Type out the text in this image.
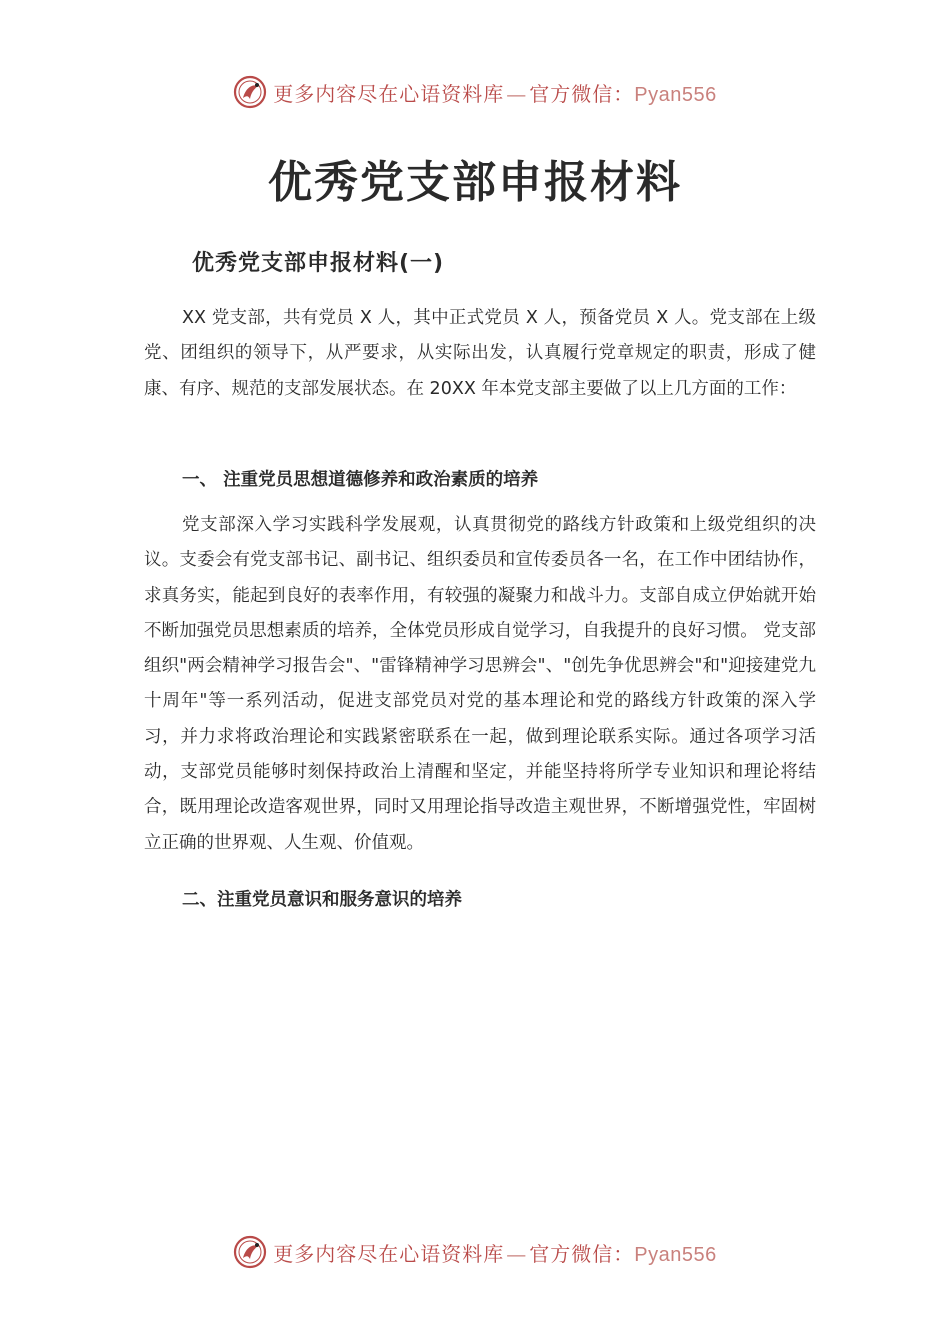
更多内容尽在心语资料库 — 官方微信：Pyan556
优秀党支部申报材料
优秀党支部申报材料(一)

XX 党支部，共有党员 X 人，其中正式党员 X 人，预备党员 X 人。党支部在上级党、团组织的领导下，从严要求，从实际出发，认真履行党章规定的职责，形成了健康、有序、规范的支部发展状态。在 20XX 年本党支部主要做了以上几方面的工作：

一、 注重党员思想道德修养和政治素质的培养

党支部深入学习实践科学发展观，认真贯彻党的路线方针政策和上级党组织的决议。支委会有党支部书记、副书记、组织委员和宣传委员各一名，在工作中团结协作，求真务实，能起到良好的表率作用，有较强的凝聚力和战斗力。支部自成立伊始就开始不断加强党员思想素质的培养，全体党员形成自觉学习，自我提升的良好习惯。 党支部组织"两会精神学习报告会"、"雷锋精神学习思辨会"、"创先争优思辨会"和"迎接建党九十周年"等一系列活动，促进支部党员对党的基本理论和党的路线方针政策的深入学习，并力求将政治理论和实践紧密联系在一起，做到理论联系实际。通过各项学习活动，支部党员能够时刻保持政治上清醒和坚定，并能坚持将所学专业知识和理论将结合，既用理论改造客观世界，同时又用理论指导改造主观世界，不断增强党性，牢固树立正确的世界观、人生观、价值观。

二、注重党员意识和服务意识的培养
更多内容尽在心语资料库 — 官方微信：Pyan556
